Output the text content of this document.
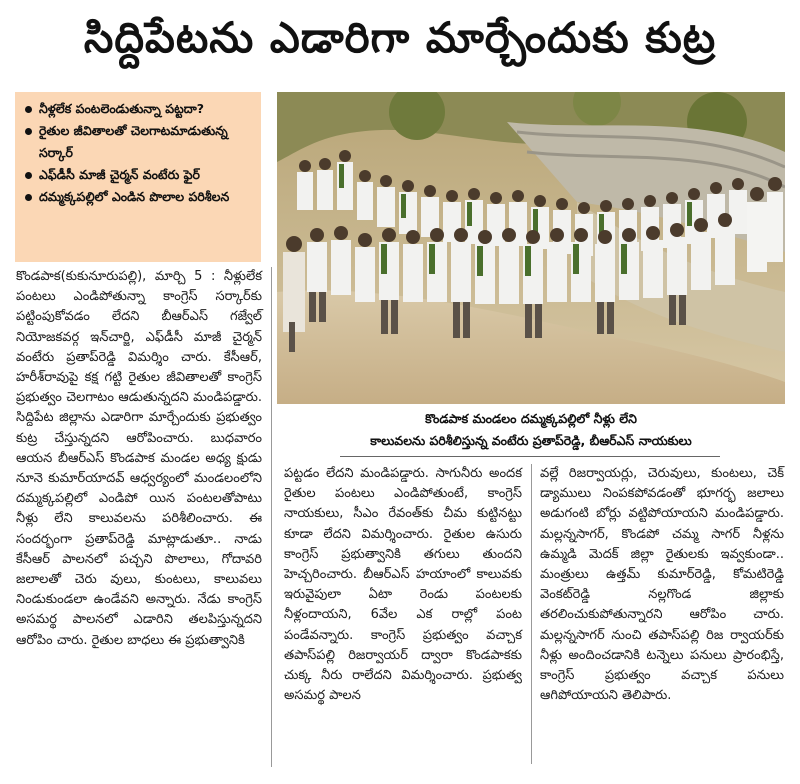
సిద్దిపేటను ఎడారిగా మార్చేందుకు కుట్ర
నీళ్లలేక పంటలెండుతున్నా పట్టదా?
రైతుల జీవితాలతో చెలగాటమాడుతున్న సర్కార్
ఎఫ్‌డీసీ మాజీ చైర్మన్ వంటేరు ఫైర్
దమ్మక్కపల్లిలో ఎండిన పొలాల పరిశీలన

కొండపాక మండలం దమ్మక్కపల్లిలో నీళ్లు లేని

కాలువలను పరిశీలిస్తున్న వంటేరు ప్రతాప్‌రెడ్డి, బీఆర్ఎస్ నాయకులు

కొండపాక(కుకునూరుపల్లి), మార్చి 5 : నీళ్లులేక పంటలు ఎండిపోతున్నా కాంగ్రెస్ సర్కార్‌కు పట్టింపుకోవడం లేదని బీఆర్ఎస్ గజ్వేల్ నియోజకవర్గ ఇన్‌చార్జి, ఎఫ్‌డీసీ మాజీ చైర్మన్ వంటేరు ప్రతాప్‌రెడ్డి విమర్శిం చారు. కేసీఆర్, హరీశ్‌రావుపై కక్ష గట్టి రైతుల జీవితాలతో కాంగ్రెస్ ప్రభుత్వం చెలగాటం ఆడుతున్నదని మండిపడ్డారు. సిద్దిపేట జిల్లాను ఎడారిగా మార్చేందుకు ప్రభుత్వం కుట్ర చేస్తున్నదని ఆరోపించారు. బుధవారం ఆయన బీఆర్ఎస్ కొండపాక మండల అధ్య క్షుడు నూనె కుమార్‌యాదవ్ ఆధ్వర్యంలో మండలంలోని దమ్మక్కపల్లిలో ఎండిపో యిన పంటలతోపాటు నీళ్లు లేని కాలువలను పరిశీలించారు. ఈ సందర్భంగా ప్రతాప్‌రెడ్డి మాట్లాడుతూ.. నాడు కేసీఆర్ పాలనలో పచ్చని పొలాలు, గోదావరి జలాలతో చెరు వులు, కుంటలు, కాలువలు నిండుకుండలా ఉండేవని అన్నారు. నేడు కాంగ్రెస్ అసమర్థ పాలనలో ఎడారిని తలపిస్తున్నదని ఆరోపిం చారు. రైతుల బాధలు ఈ ప్రభుత్వానికి

పట్టడం లేదని మండిపడ్డారు. సాగునీరు అందక రైతుల పంటలు ఎండిపోతుంటే, కాంగ్రెస్ నాయకులు, సీఎం రేవంత్‌కు చీమ కుట్టినట్టు కూడా లేదని విమర్శించారు. రైతుల ఉసురు కాంగ్రెస్ ప్రభుత్వానికి తగులు తుందని హెచ్చరించారు. బీఆర్ఎస్ హయాంలో కాలువకు ఇరువైపులా ఏటా రెండు పంటలకు నీళ్లందాయని, 6వేల ఎక రాల్లో పంట పండేవన్నారు. కాంగ్రెస్ ప్రభుత్వం వచ్చాక తపాస్‌పల్లి రిజర్వాయర్ ద్వారా కొండపాకకు చుక్క నీరు రాలేదని విమర్శించారు. ప్రభుత్వ అసమర్థ పాలన

వల్లే రిజర్వాయర్లు, చెరువులు, కుంటలు, చెక్ డ్యాములు నింపకపోవడంతో భూగర్భ జలాలు అడుగంటి బోర్లు వట్టిపోయాయని మండిపడ్డారు. మల్లన్నసాగర్, కొండపో చమ్మ సాగర్ నీళ్లను ఉమ్మడి మెదక్ జిల్లా రైతులకు ఇవ్వకుండా.. మంత్రులు ఉత్తమ్ కుమార్‌రెడ్డి, కోమటిరెడ్డి వెంకట్‌రెడ్డి నల్లగొండ జిల్లాకు తరలించుకుపోతున్నారని ఆరోపిం చారు. మల్లన్నసాగర్ నుంచి తపాస్‌పల్లి రిజ ర్వాయర్‌కు నీళ్లు అందించడానికి టన్నెలు పనులు ప్రారంభిస్తే, కాంగ్రెస్ ప్రభుత్వం వచ్చాక పనులు ఆగిపోయాయని తెలిపారు.
